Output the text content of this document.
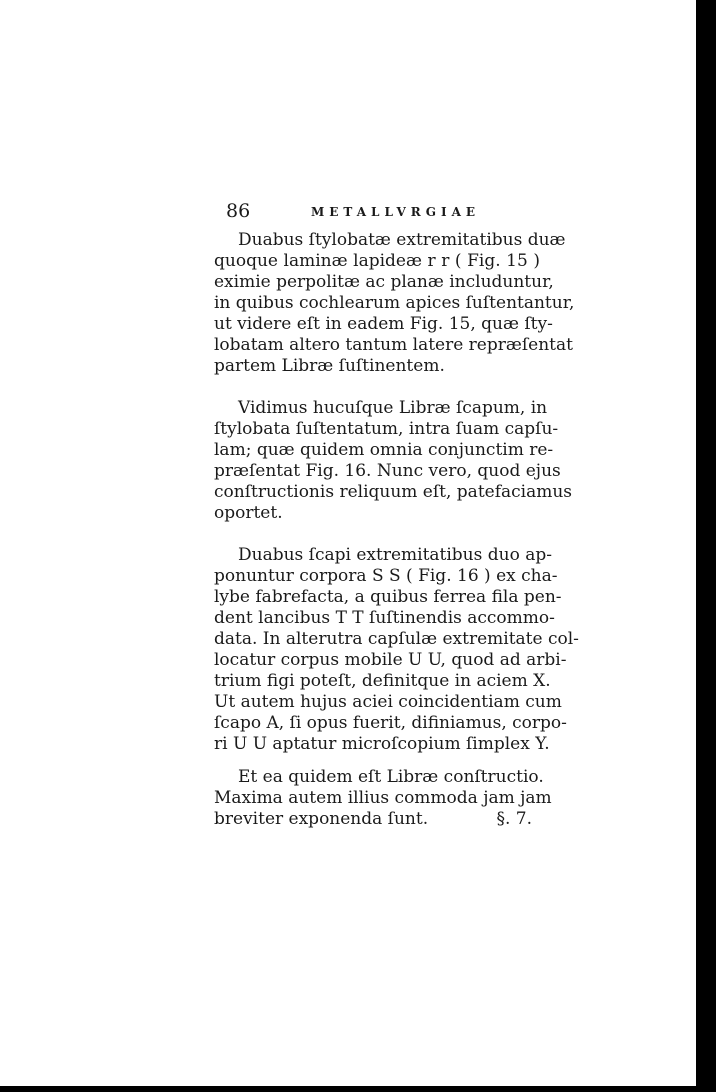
86	METALLVRGIAE
Duabus ſtylobatæ extremitatibus duæ
quoque laminæ lapideæ r r ( Fig. 15 )
eximie perpolitæ ac planæ includuntur,
in quibus cochlearum apices ſuſtentantur,
ut videre eſt in eadem Fig. 15, quæ ſty-
lobatam altero tantum latere repræſentat
partem Libræ ſuſtinentem.
Vidimus hucuſque Libræ ſcapum, in
ſtylobata ſuſtentatum, intra ſuam capſu-
lam; quæ quidem omnia conjunctim re-
præſentat Fig. 16. Nunc vero, quod ejus
conſtructionis reliquum eſt, patefaciamus
oportet.
Duabus ſcapi extremitatibus duo ap-
ponuntur corpora S S ( Fig. 16 ) ex cha-
lybe fabrefacta, a quibus ferrea fila pen-
dent lancibus T T ſuſtinendis accommo-
data. In alterutra capſulæ extremitate col-
locatur corpus mobile U U, quod ad arbi-
trium figi poteſt, definitque in aciem X.
Ut autem hujus aciei coincidentiam cum
ſcapo A, ſi opus fuerit, difiniamus, corpo-
ri U U aptatur microſcopium ſimplex Y.
Et ea quidem eſt Libræ conſtructio.
Maxima autem illius commoda jam jam
breviter exponenda ſunt.	§. 7.
